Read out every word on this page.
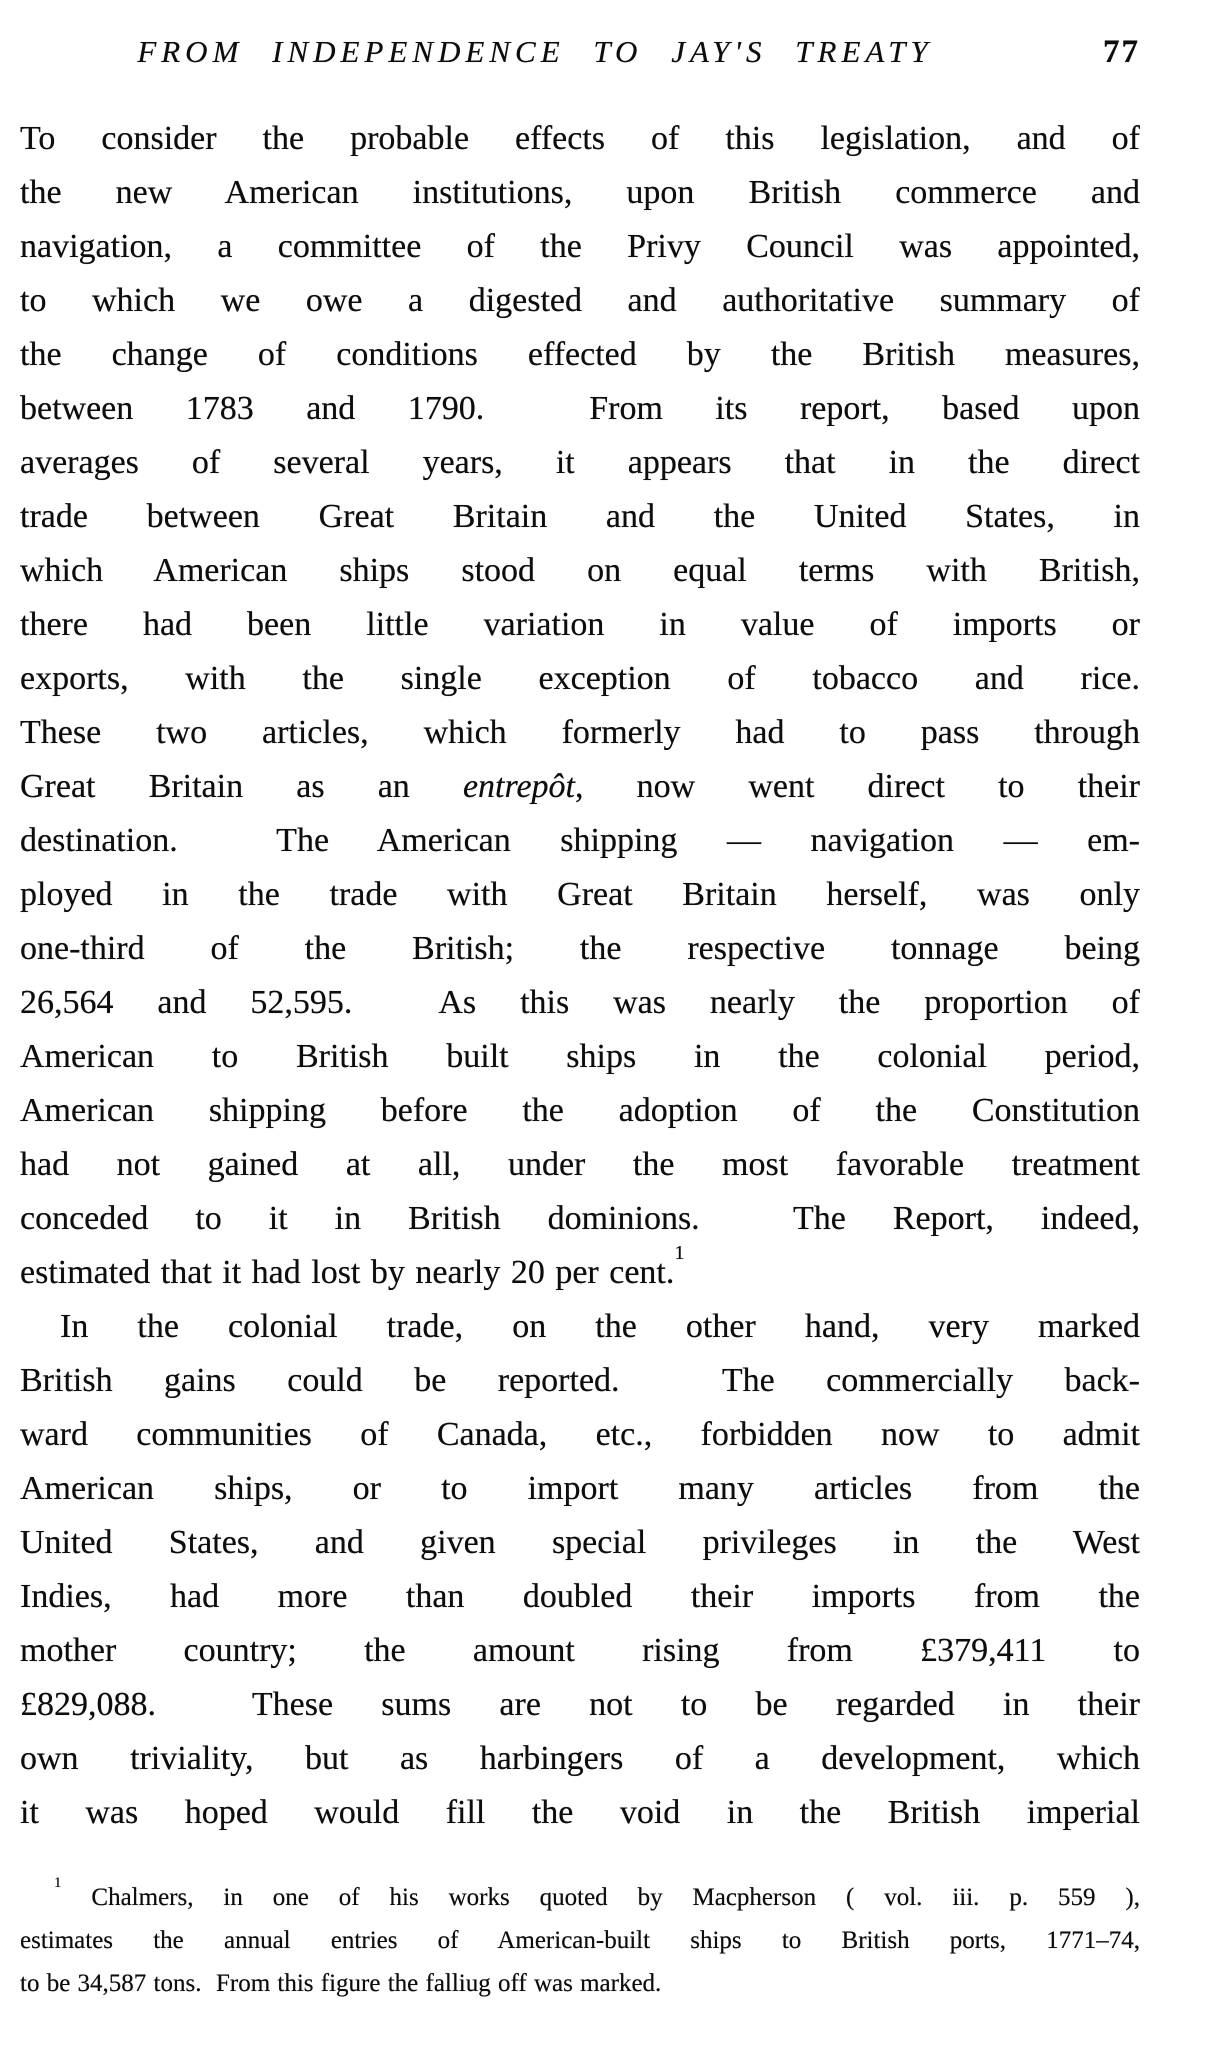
FROM INDEPENDENCE TO JAY'S TREATY	77
To consider the probable effects of this legislation, and of
the new American institutions, upon British commerce and
navigation, a committee of the Privy Council was appointed,
to which we owe a digested and authoritative summary of
the change of conditions effected by the British measures,
between 1783 and 1790.  From its report, based upon
averages of several years, it appears that in the direct
trade between Great Britain and the United States, in
which American ships stood on equal terms with British,
there had been little variation in value of imports or
exports, with the single exception of tobacco and rice.
These two articles, which formerly had to pass through
Great Britain as an entrepôt, now went direct to their
destination.  The American shipping — navigation — em-
ployed in the trade with Great Britain herself, was only
one-third of the British; the respective tonnage being
26,564 and 52,595.  As this was nearly the proportion of
American to British built ships in the colonial period,
American shipping before the adoption of the Constitution
had not gained at all, under the most favorable treatment
conceded to it in British dominions.  The Report, indeed,
estimated that it had lost by nearly 20 per cent.$^1$
In the colonial trade, on the other hand, very marked
British gains could be reported.  The commercially back-
ward communities of Canada, etc., forbidden now to admit
American ships, or to import many articles from the
United States, and given special privileges in the West
Indies, had more than doubled their imports from the
mother country; the amount rising from £379,411 to
£829,088.  These sums are not to be regarded in their
own triviality, but as harbingers of a development, which
it was hoped would fill the void in the British imperial
$^1$ Chalmers, in one of his works quoted by Macpherson ( vol. iii. p. 559 ),
estimates the annual entries of American-built ships to British ports, 1771–74,
to be 34,587 tons.  From this figure the falliug off was marked.
